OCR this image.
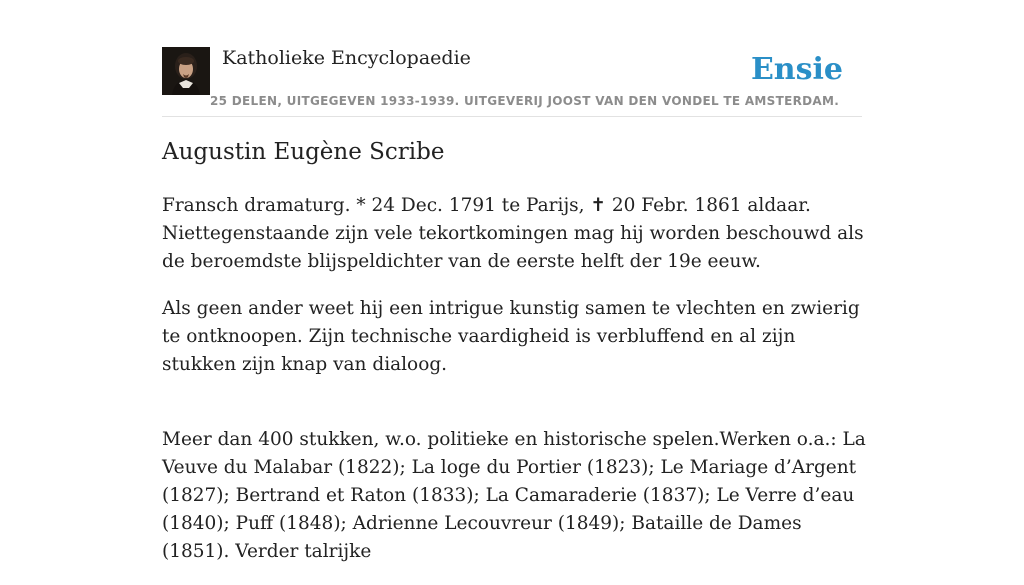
Katholieke Encyclopaedie	Ensie
25 DELEN, UITGEGEVEN 1933-1939. UITGEVERIJ JOOST VAN DEN VONDEL TE AMSTERDAM.
Augustin Eugène Scribe

Fransch dramaturg. * 24 Dec. 1791 te Parijs, ✝ 20 Febr. 1861 aldaar. Niettegenstaande zijn vele tekortkomingen mag hij worden beschouwd als de beroemdste blijspeldichter van de eerste helft der 19e eeuw.

Als geen ander weet hij een intrigue kunstig samen te vlechten en zwierig te ontknoopen. Zijn technische vaardigheid is verbluffend en al zijn stukken zijn knap van dialoog.

Meer dan 400 stukken, w.o. politieke en historische spelen.Werken o.a.: La Veuve du Malabar (1822); La loge du Portier (1823); Le Mariage d’Argent (1827); Bertrand et Raton (1833); La Camaraderie (1837); Le Verre d’eau (1840); Puff (1848); Adrienne Lecouvreur (1849); Bataille de Dames (1851). Verder talrijke
